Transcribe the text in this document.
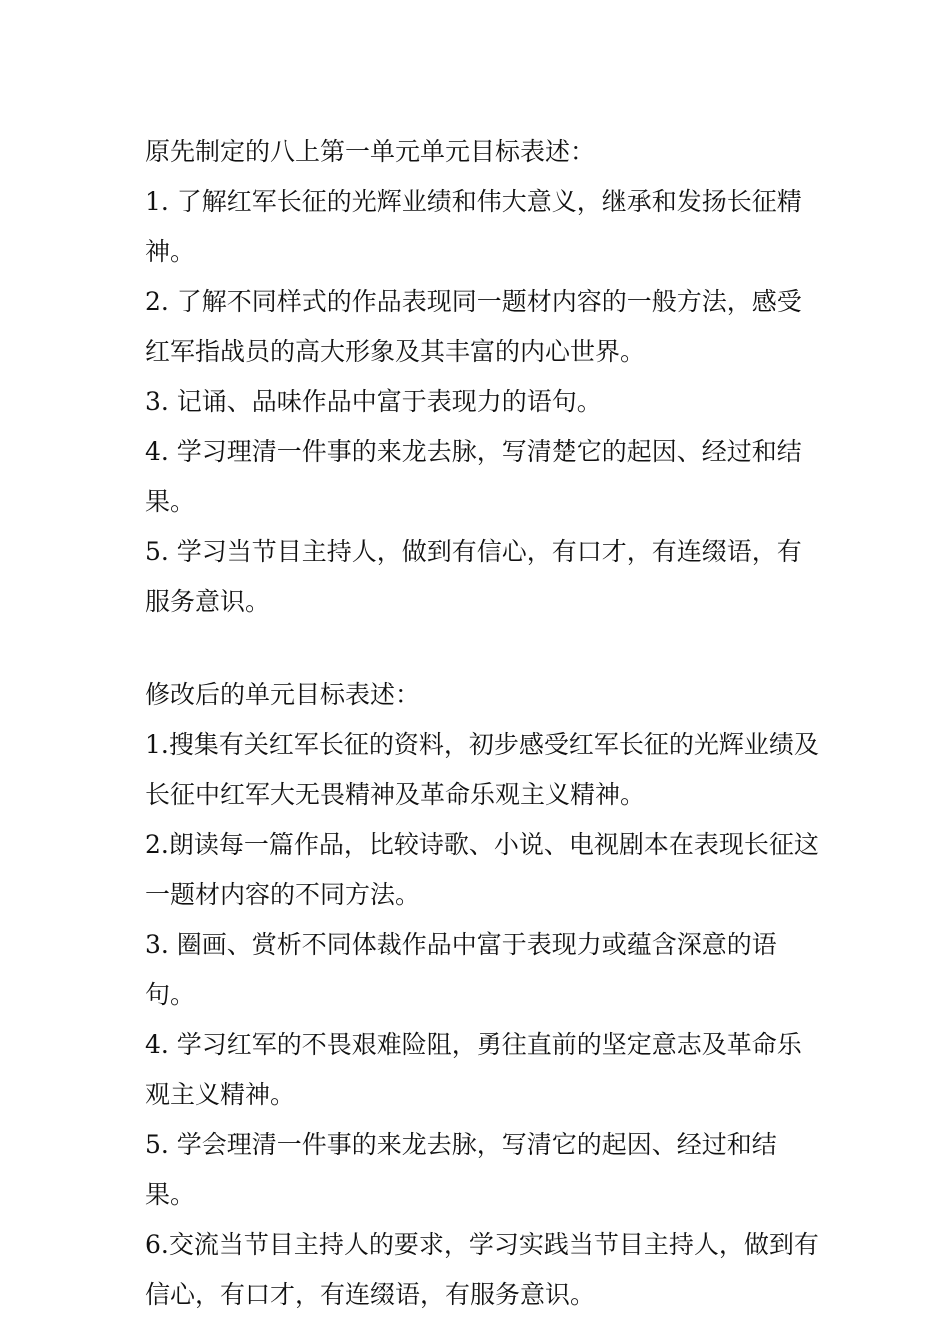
原先制定的八上第一单元单元目标表述：

1. 了解红军长征的光辉业绩和伟大意义，继承和发扬长征精神。

2. 了解不同样式的作品表现同一题材内容的一般方法，感受红军指战员的高大形象及其丰富的内心世界。

3. 记诵、品味作品中富于表现力的语句。

4. 学习理清一件事的来龙去脉，写清楚它的起因、经过和结果。

5. 学习当节目主持人，做到有信心，有口才，有连缀语，有服务意识。

修改后的单元目标表述：

1.搜集有关红军长征的资料，初步感受红军长征的光辉业绩及长征中红军大无畏精神及革命乐观主义精神。

2.朗读每一篇作品，比较诗歌、小说、电视剧本在表现长征这一题材内容的不同方法。

3. 圈画、赏析不同体裁作品中富于表现力或蕴含深意的语句。

4. 学习红军的不畏艰难险阻，勇往直前的坚定意志及革命乐观主义精神。

5. 学会理清一件事的来龙去脉，写清它的起因、经过和结果。

6.交流当节目主持人的要求，学习实践当节目主持人，做到有信心，有口才，有连缀语，有服务意识。
